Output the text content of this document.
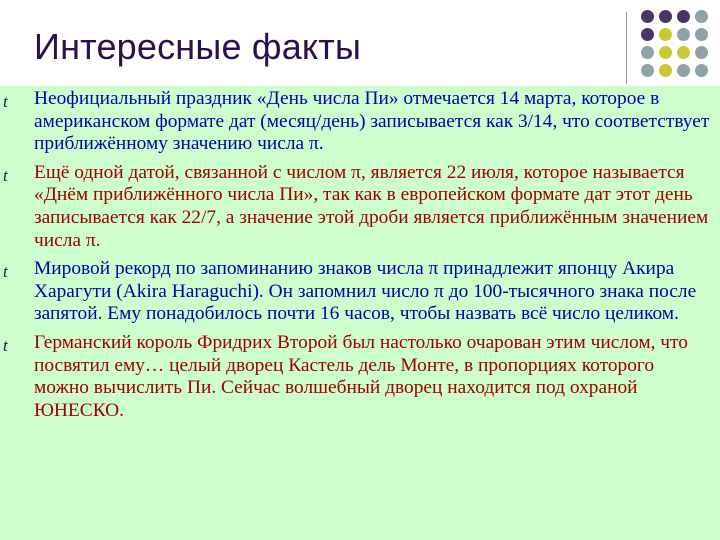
Интересные факты
t Неофициальный праздник «День числа Пи» отмечается 14 марта, которое в американском формате дат (месяц/день) записывается как 3/14, что соответствует приближённому значению числа π.
t Ещё одной датой, связанной с числом π, является 22 июля, которое называется «Днём приближённого числа Пи», так как в европейском формате дат этот день записывается как 22/7, а значение этой дроби является приближённым значением числа π.
t Мировой рекорд по запоминанию знаков числа π принадлежит японцу Акира Харагути (Akira Haraguchi). Он запомнил число π до 100-тысячного знака после запятой. Ему понадобилось почти 16 часов, чтобы назвать всё число целиком.
t Германский король Фридрих Второй был настолько очарован этим числом, что посвятил ему… целый дворец Кастель дель Монте, в пропорциях которого можно вычислить Пи. Сейчас волшебный дворец находится под охраной ЮНЕСКО.
